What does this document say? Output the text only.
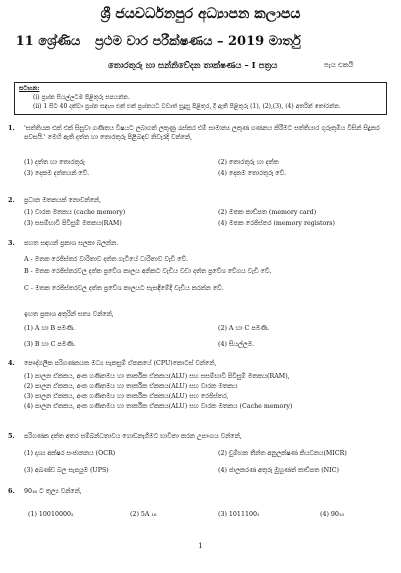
ශ්‍රී ජයවර්ධනපුර අධ්‍යාපන කලාපය
11 ශ්‍රේණිය	ප්‍රථම වාර පරීක්ෂණය – 2019 මාර්තු
තොරතුරු හා සන්නිවේදන තාක්ෂණය – I පත්‍රය	පැය එකයි
සටහන:
(i) ප්‍රශ්න සියල්ලටම පිළිතුරු සපයන්න.
(ii) 1 සිට 40 දක්වා ප්‍රශ්න සඳහා එක් එක් ප්‍රශ්නයට වඩාත් සුදුසු පිළිතුර, දී ඇති පිළිතුරු (1), (2),(3), (4) අතරින් තෝරන්න.
1. 'සත්තියක එක් එක් සිසුවා ගණිතය විෂයට ලබාගත් ලකුණු රැස්කර එම් සාමාන්‍ය ලකුණ ගණනය කිරීමට සත්තියාර ගුරුතුමිය විසින් සිදුකර පවසයි.' මෙහි ඇති දත්ත හා තොරතුරු පිළිබඳව නිවැරදි වන්නේ,
(1) දත්ත හා තොරතුරු	(2) තොරතුරු හා දත්ත
(3) දෙකම දත්තයන් වේ.	(4) දෙකම තොරතුරු වේ.
2. ප්‍රධාන මතකයක් නොවන්නේ,
(1) වාරක මතකය (cache memory)	(2) මතක කාඩ්පත (memory card)
(3) සසම්භාවී පිවිසුම් මතකය(RAM)	(4) මතක රෙජිස්තර (memory registors)
3. පහත සඳහන් ප්‍රකාශ සලකා බලන්න.
A - මතක රෙජිස්තර වාරිතාව දත්ත ගැටියේ ධාරිතාව වැඩි වේ.
B - මතක රෙජිස්තරවල දත්ත ප්‍රවේශ කාලය අනිකට වැඩිය වඩා දත්ත ප්‍රවේශ වේගය වැඩි වේ.
C - මතක රෙජිස්තරවල දත්ත ප්‍රවේශ කාලයට සැසඳීමේදී වැඩිය කරන්න වේ.
ඉහත ප්‍රකාශ අතුරින් සත්‍ය වන්නේ,
(1) A හා B පමණි.	(2) A හා C පමණි.
(3) B හා C පමණි.	(4) සියල්ලම.
4. පෞද්ගලික පරිගණකයක මධ්‍ය සැකසුම් ඒකකයේ (CPU)කොටස් වන්නේ,
(1) පාලන ඒකකය, අංක ගණිතමය හා තාර්කික ඒකකය(ALU) සහ සසම්භාවී පිවිසුම් මතකය(RAM),
(2) පාලන ඒකකය, අංක ගණිතමය හා තාර්කික ඒකකය(ALU) සහ වාරක මතකය
(3) පාලන ඒකකය, අංක ගණිතමය හා තාර්කික ඒකකය(ALU) සහ රෙජිස්තර,
(4) පාලන ඒකකය, අංක ගණිතමය හා තාර්කික ඒකකය(ALU) සහ වාරක මතකය (Cache memory)
5. පරිගණක දත්ත අතර සම්බන්ධතාවය ගොඩනැගීමට භාවිතා කරන උපාංගය වන්නේ,
(1) දෘශ්‍ය අක්ෂර සංජානනය (OCR)	(2) චුම්භක තීන්ත අනුලක්ෂණ කියවනය(MICR)
(3) අඛණ්ඩ බල සැපයුම (UPS)	(4) ජාලකරණ අතුරු මුහුණත් කාඩ්පත (NIC)
6. 90₁₆ ට තුල්‍ය වන්නේ,
(1) 10010000₂	(2) 5A ₁₆	(3) 1011100₂	(4) 90₁₀
1
